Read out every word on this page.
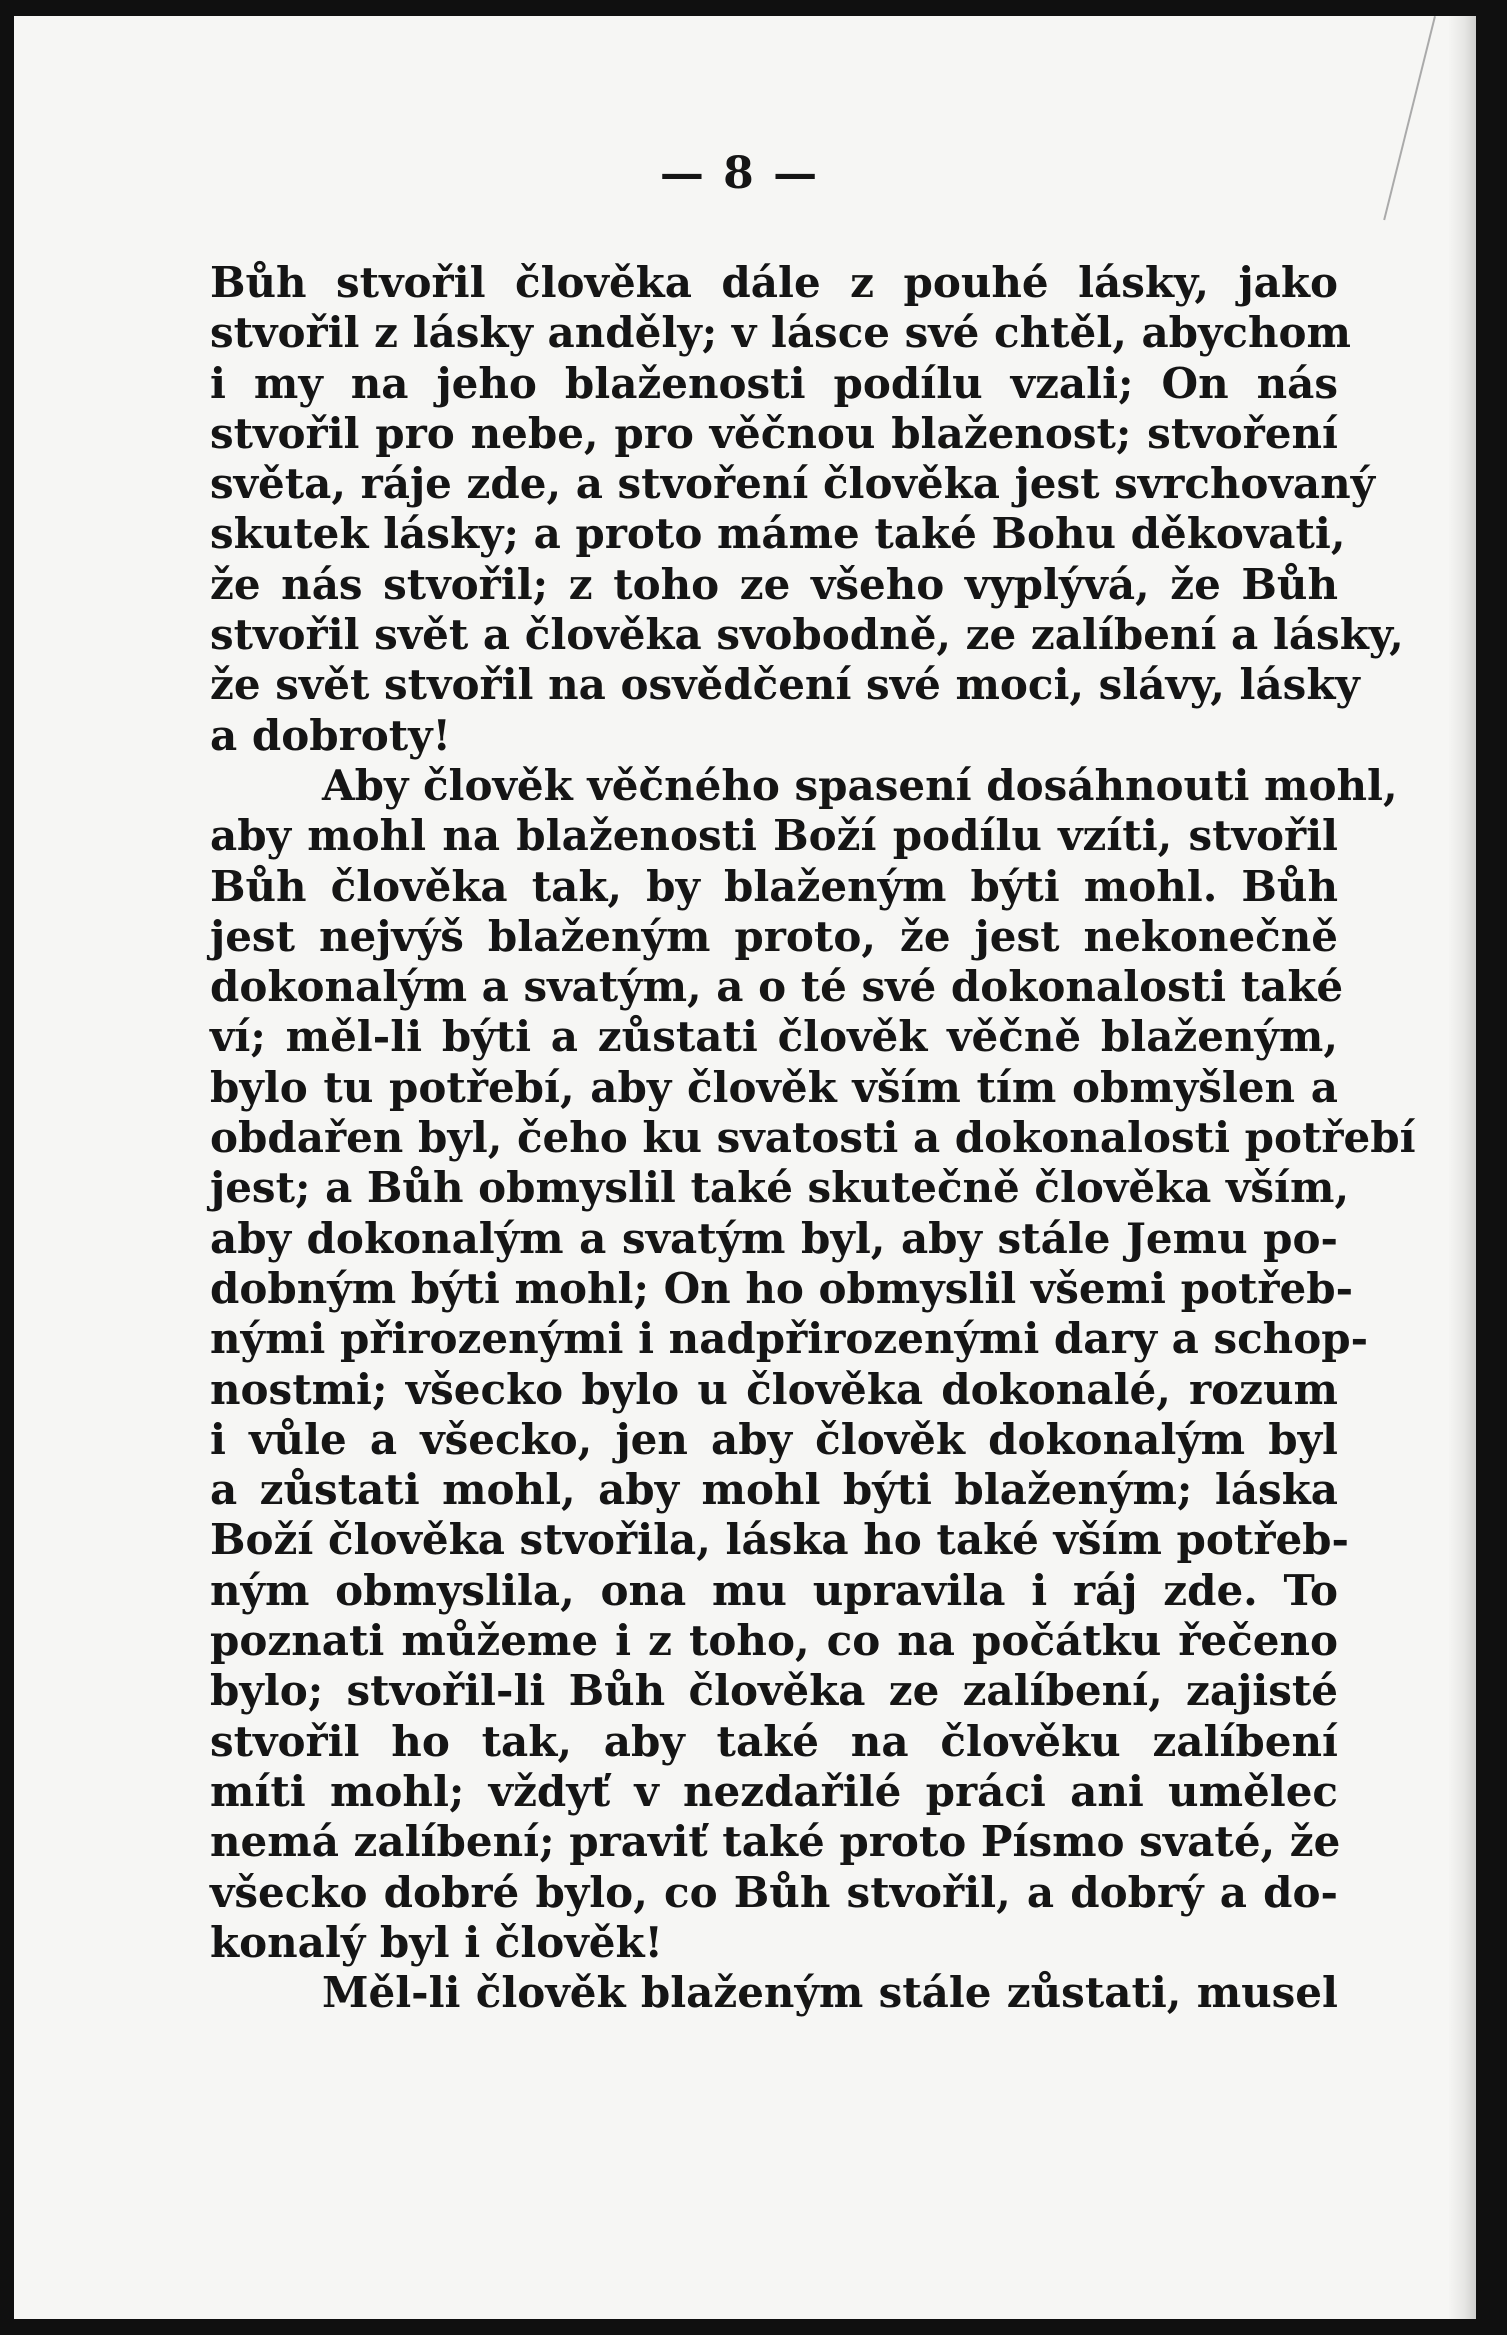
— 8 —
Bůh stvořil člověka dále z pouhé lásky, jako
stvořil z lásky anděly; v lásce své chtěl, abychom
i my na jeho blaženosti podílu vzali; On nás
stvořil pro nebe, pro věčnou blaženost; stvoření
světa, ráje zde, a stvoření člověka jest svrchovaný
skutek lásky; a proto máme také Bohu děkovati,
že nás stvořil; z toho ze všeho vyplývá, že Bůh
stvořil svět a člověka svobodně, ze zalíbení a lásky,
že svět stvořil na osvědčení své moci, slávy, lásky
a dobroty!
Aby člověk věčného spasení dosáhnouti mohl,
aby mohl na blaženosti Boží podílu vzíti, stvořil
Bůh člověka tak, by blaženým býti mohl. Bůh
jest nejvýš blaženým proto, že jest nekonečně
dokonalým a svatým, a o té své dokonalosti také
ví; měl-li býti a zůstati člověk věčně blaženým,
bylo tu potřebí, aby člověk vším tím obmyšlen a
obdařen byl, čeho ku svatosti a dokonalosti potřebí
jest; a Bůh obmyslil také skutečně člověka vším,
aby dokonalým a svatým byl, aby stále Jemu po-
dobným býti mohl; On ho obmyslil všemi potřeb-
nými přirozenými i nadpřirozenými dary a schop-
nostmi; všecko bylo u člověka dokonalé, rozum
i vůle a všecko, jen aby člověk dokonalým byl
a zůstati mohl, aby mohl býti blaženým; láska
Boží člověka stvořila, láska ho také vším potřeb-
ným obmyslila, ona mu upravila i ráj zde. To
poznati můžeme i z toho, co na počátku řečeno
bylo; stvořil-li Bůh člověka ze zalíbení, zajisté
stvořil ho tak, aby také na člověku zalíbení
míti mohl; vždyť v nezdařilé práci ani umělec
nemá zalíbení; praviť také proto Písmo svaté, že
všecko dobré bylo, co Bůh stvořil, a dobrý a do-
konalý byl i člověk!
Měl-li člověk blaženým stále zůstati, musel
